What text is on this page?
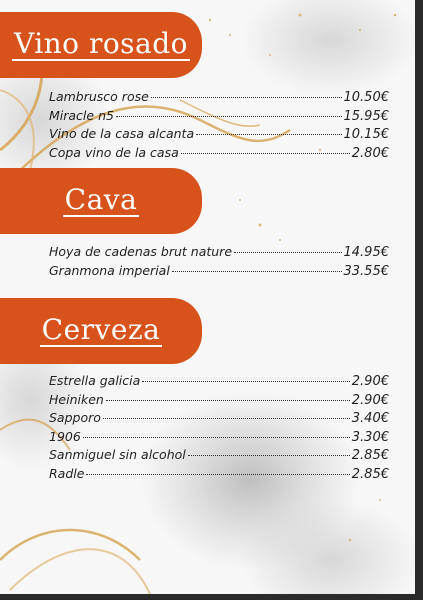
Vino rosado
Lambrusco rose	10.50€
Miracle n5	15.95€
Vino de la casa alcanta	10.15€
Copa vino de la casa	2.80€
Cava
Hoya de cadenas brut nature	14.95€
Granmona imperial	33.55€
Cerveza
Estrella galicia	2.90€
Heiniken	2.90€
Sapporo	3.40€
1906	3.30€
Sanmiguel sin alcohol	2.85€
Radle	2.85€
